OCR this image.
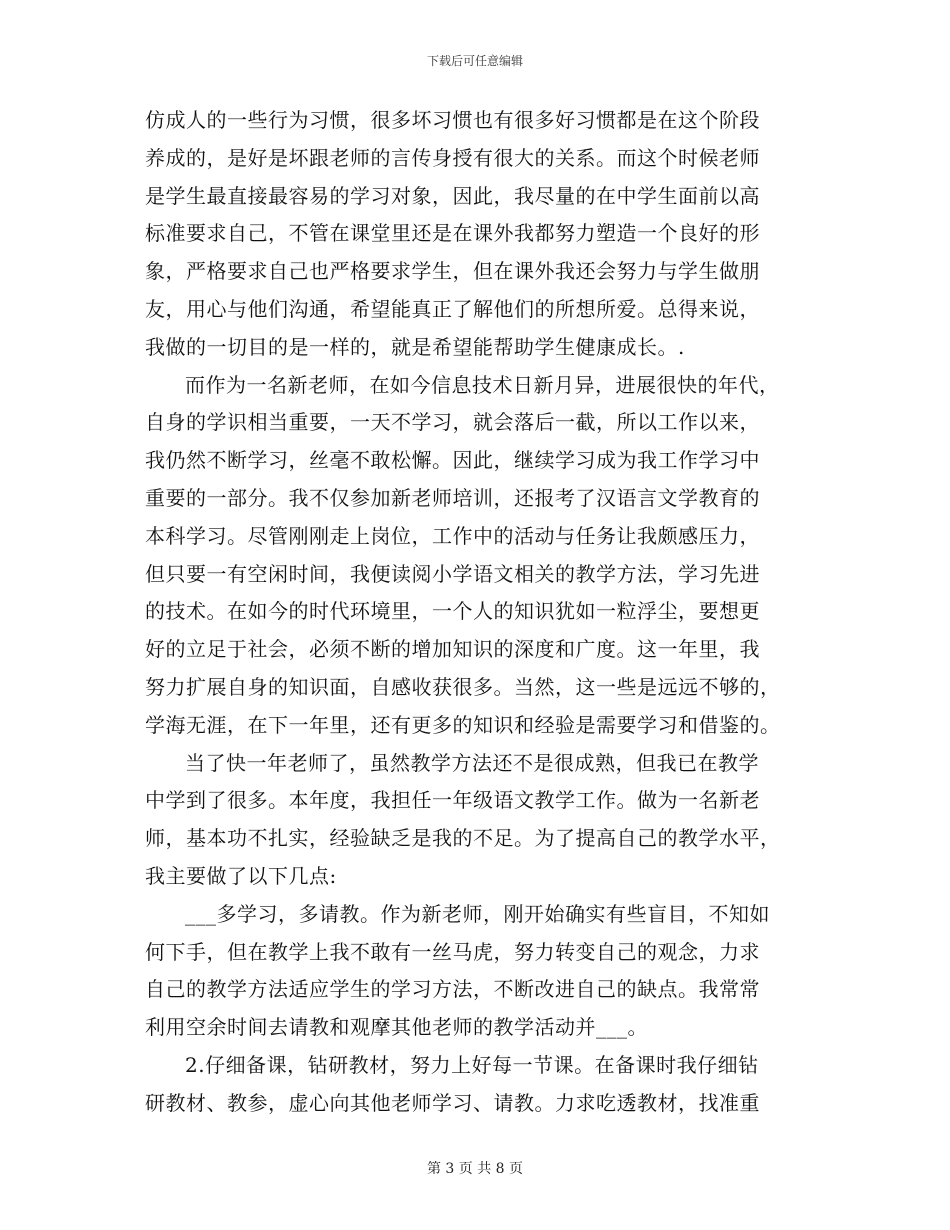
下载后可任意编辑
仿成人的一些行为习惯，很多坏习惯也有很多好习惯都是在这个阶段
养成的，是好是坏跟老师的言传身授有很大的关系。而这个时候老师
是学生最直接最容易的学习对象，因此，我尽量的在中学生面前以高
标准要求自己，不管在课堂里还是在课外我都努力塑造一个良好的形
象，严格要求自己也严格要求学生，但在课外我还会努力与学生做朋
友，用心与他们沟通，希望能真正了解他们的所想所爱。总得来说，
我做的一切目的是一样的，就是希望能帮助学生健康成长。.
而作为一名新老师，在如今信息技术日新月异，进展很快的年代，
自身的学识相当重要，一天不学习，就会落后一截，所以工作以来，
我仍然不断学习，丝毫不敢松懈。因此，继续学习成为我工作学习中
重要的一部分。我不仅参加新老师培训，还报考了汉语言文学教育的
本科学习。尽管刚刚走上岗位，工作中的活动与任务让我颇感压力，
但只要一有空闲时间，我便读阅小学语文相关的教学方法，学习先进
的技术。在如今的时代环境里，一个人的知识犹如一粒浮尘，要想更
好的立足于社会，必须不断的增加知识的深度和广度。这一年里，我
努力扩展自身的知识面，自感收获很多。当然，这一些是远远不够的，
学海无涯，在下一年里，还有更多的知识和经验是需要学习和借鉴的。
当了快一年老师了，虽然教学方法还不是很成熟，但我已在教学
中学到了很多。本年度，我担任一年级语文教学工作。做为一名新老
师，基本功不扎实，经验缺乏是我的不足。为了提高自己的教学水平，
我主要做了以下几点:
___多学习，多请教。作为新老师，刚开始确实有些盲目，不知如
何下手，但在教学上我不敢有一丝马虎，努力转变自己的观念，力求
自己的教学方法适应学生的学习方法，不断改进自己的缺点。我常常
利用空余时间去请教和观摩其他老师的教学活动并___。
2.仔细备课，钻研教材，努力上好每一节课。在备课时我仔细钻
研教材、教参，虚心向其他老师学习、请教。力求吃透教材，找准重
第 3 页 共 8 页
